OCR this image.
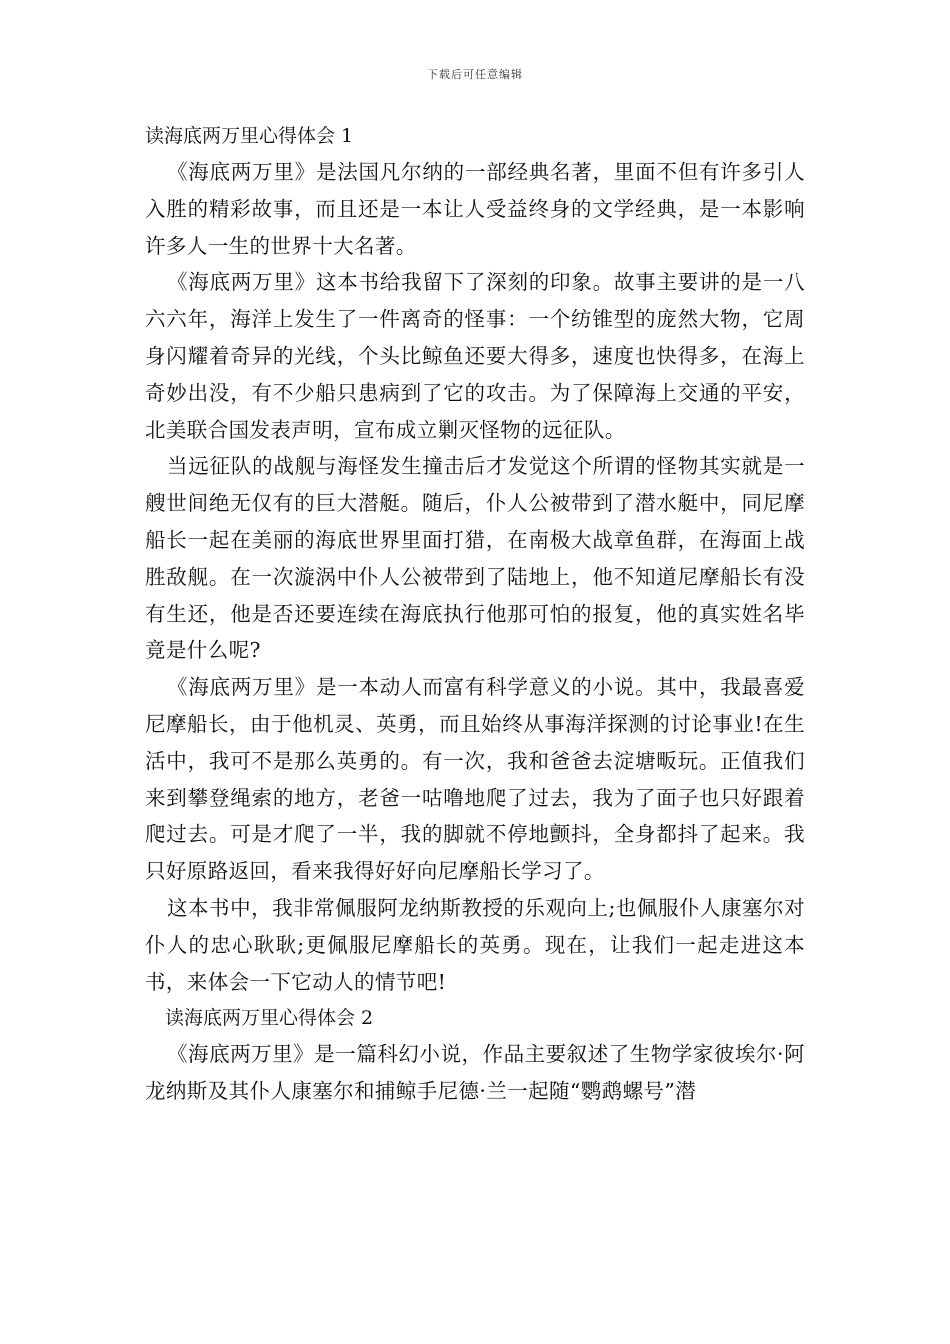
下载后可任意编辑
读海底两万里心得体会 1

《海底两万里》是法国凡尔纳的一部经典名著，里面不但有许多引人入胜的精彩故事，而且还是一本让人受益终身的文学经典，是一本影响许多人一生的世界十大名著。

《海底两万里》这本书给我留下了深刻的印象。故事主要讲的是一八六六年，海洋上发生了一件离奇的怪事：一个纺锥型的庞然大物，它周身闪耀着奇异的光线，个头比鲸鱼还要大得多，速度也快得多，在海上奇妙出没，有不少船只患病到了它的攻击。为了保障海上交通的平安，北美联合国发表声明，宣布成立剿灭怪物的远征队。

当远征队的战舰与海怪发生撞击后才发觉这个所谓的怪物其实就是一艘世间绝无仅有的巨大潜艇。随后，仆人公被带到了潜水艇中，同尼摩船长一起在美丽的海底世界里面打猎，在南极大战章鱼群，在海面上战胜敌舰。在一次漩涡中仆人公被带到了陆地上，他不知道尼摩船长有没有生还，他是否还要连续在海底执行他那可怕的报复，他的真实姓名毕竟是什么呢?

《海底两万里》是一本动人而富有科学意义的小说。其中，我最喜爱尼摩船长，由于他机灵、英勇，而且始终从事海洋探测的讨论事业!在生活中，我可不是那么英勇的。有一次，我和爸爸去淀塘畈玩。正值我们来到攀登绳索的地方，老爸一咕噜地爬了过去，我为了面子也只好跟着爬过去。可是才爬了一半，我的脚就不停地颤抖，全身都抖了起来。我只好原路返回，看来我得好好向尼摩船长学习了。

这本书中，我非常佩服阿龙纳斯教授的乐观向上;也佩服仆人康塞尔对仆人的忠心耿耿;更佩服尼摩船长的英勇。现在，让我们一起走进这本书，来体会一下它动人的情节吧!

读海底两万里心得体会 2

《海底两万里》是一篇科幻小说，作品主要叙述了生物学家彼埃尔·阿龙纳斯及其仆人康塞尔和捕鲸手尼德·兰一起随“鹦鹉螺号”潜
